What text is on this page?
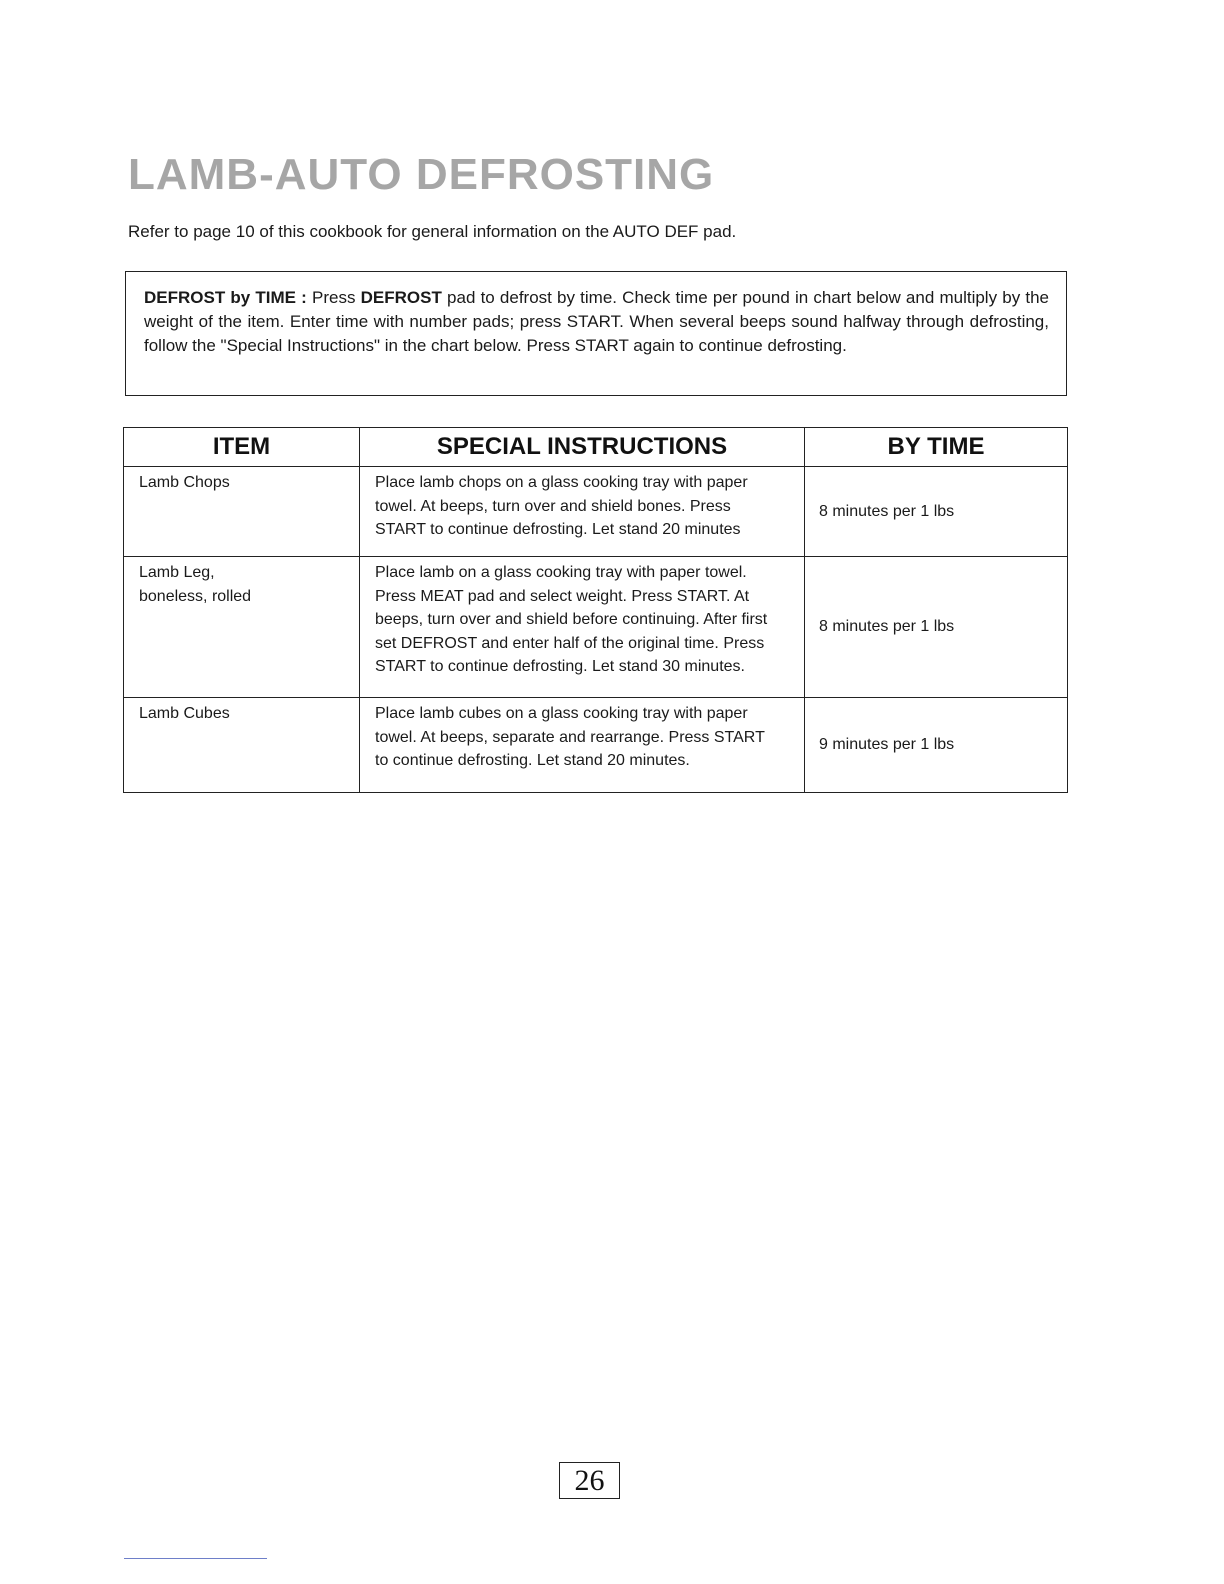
LAMB-AUTO DEFROSTING

Refer to page 10 of this cookbook for general information on the AUTO DEF pad.

DEFROST by TIME : Press DEFROST pad to defrost by time. Check time per pound in chart below and multiply by the weight of the item. Enter time with number pads; press START. When several beeps sound halfway through defrosting, follow the "Special Instructions" in the chart below. Press START again to continue defrosting.
ITEM	SPECIAL INSTRUCTIONS	BY TIME

Lamb Chops	Place lamb chops on a glass cooking tray with paper
towel. At beeps, turn over and shield bones. Press
START to continue defrosting. Let stand 20 minutes	8 minutes per 1 lbs

Lamb Leg,
boneless, rolled	Place lamb on a glass cooking tray with paper towel.
Press MEAT pad and select weight. Press START. At
beeps, turn over and shield before continuing. After first
set DEFROST and enter half of the original time. Press
START to continue defrosting. Let stand 30 minutes.	8 minutes per 1 lbs

Lamb Cubes	Place lamb cubes on a glass cooking tray with paper
towel. At beeps, separate and rearrange. Press START
to continue defrosting. Let stand 20 minutes.	9 minutes per 1 lbs
26
